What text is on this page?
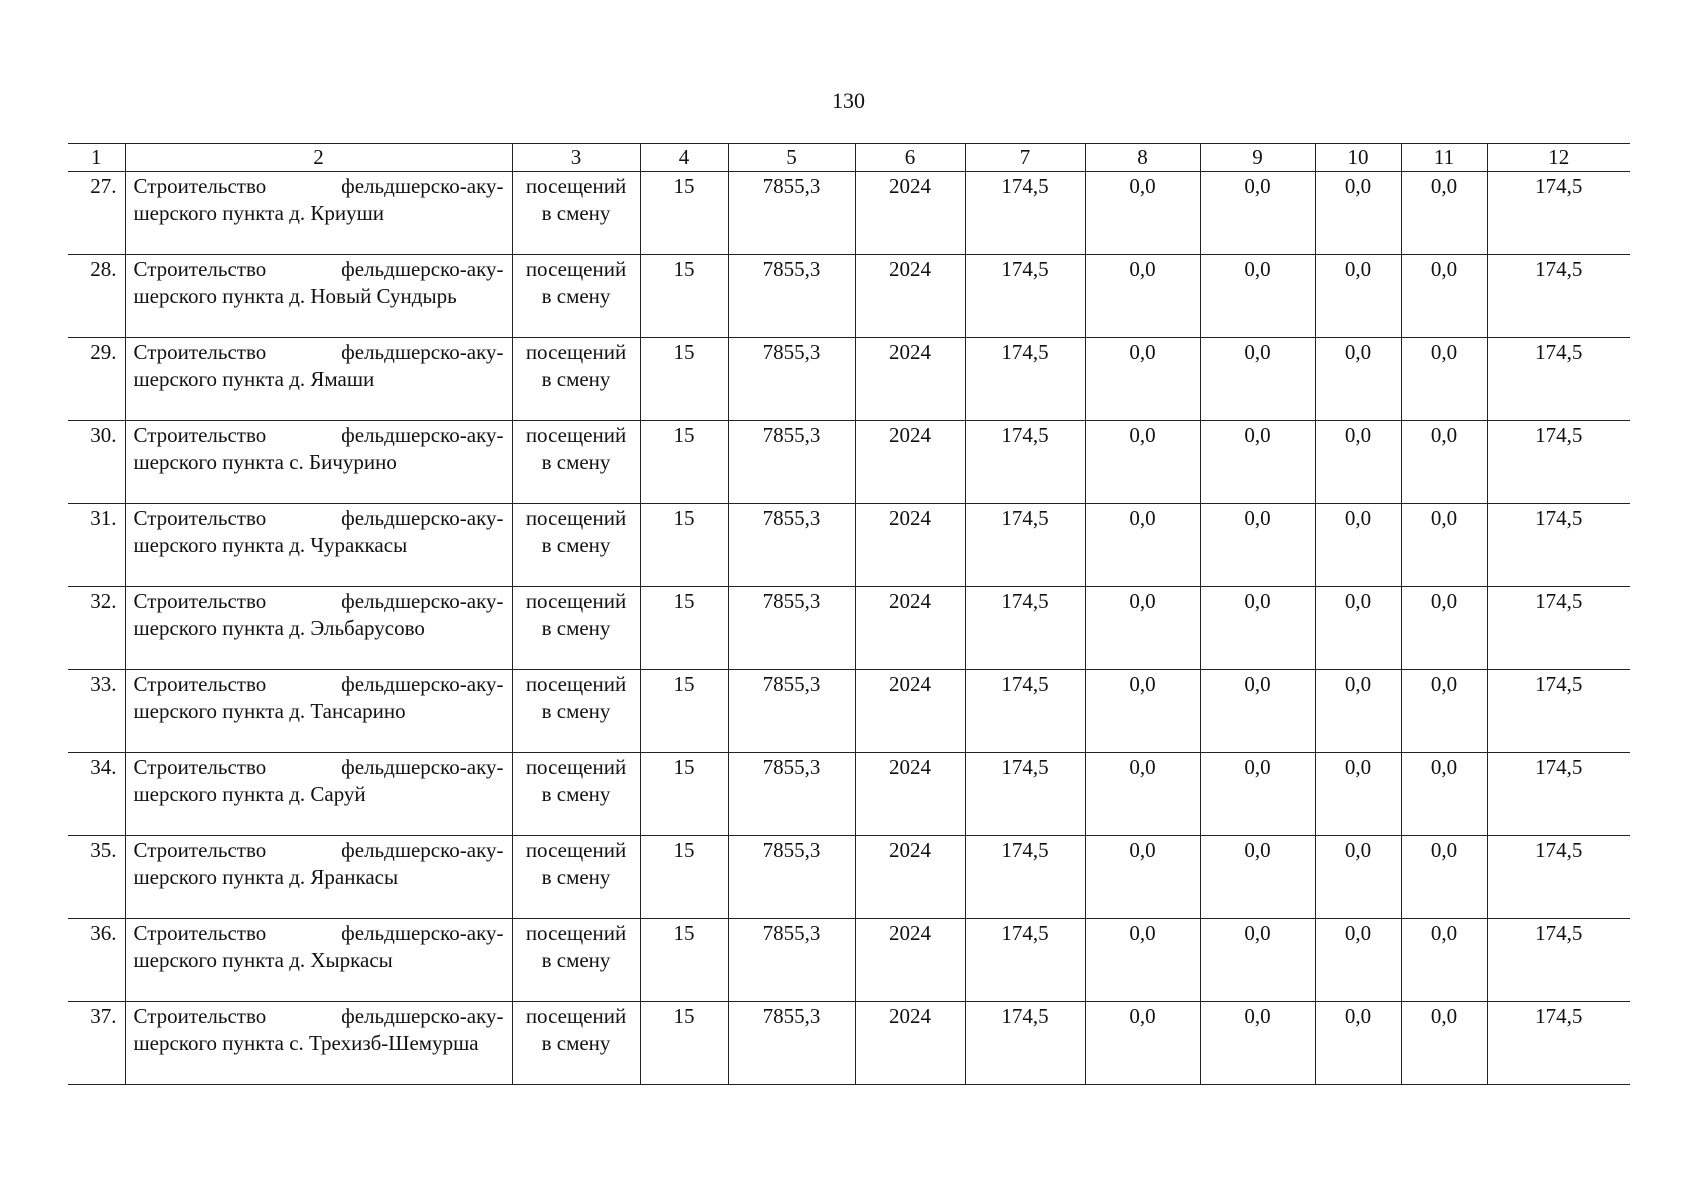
130
1	2	3	4	5	6	7	8	9	10	11	12
27.	Строительство фельдшерско-акушерского пункта д. Криуши	посещений в смену	15	7855,3	2024	174,5	0,0	0,0	0,0	0,0	174,5
28.	Строительство фельдшерско-акушерского пункта д. Новый Сундырь	посещений в смену	15	7855,3	2024	174,5	0,0	0,0	0,0	0,0	174,5
29.	Строительство фельдшерско-акушерского пункта д. Ямаши	посещений в смену	15	7855,3	2024	174,5	0,0	0,0	0,0	0,0	174,5
30.	Строительство фельдшерско-акушерского пункта с. Бичурино	посещений в смену	15	7855,3	2024	174,5	0,0	0,0	0,0	0,0	174,5
31.	Строительство фельдшерско-акушерского пункта д. Чураккасы	посещений в смену	15	7855,3	2024	174,5	0,0	0,0	0,0	0,0	174,5
32.	Строительство фельдшерско-акушерского пункта д. Эльбарусово	посещений в смену	15	7855,3	2024	174,5	0,0	0,0	0,0	0,0	174,5
33.	Строительство фельдшерско-акушерского пункта д. Тансарино	посещений в смену	15	7855,3	2024	174,5	0,0	0,0	0,0	0,0	174,5
34.	Строительство фельдшерско-акушерского пункта д. Саруй	посещений в смену	15	7855,3	2024	174,5	0,0	0,0	0,0	0,0	174,5
35.	Строительство фельдшерско-акушерского пункта д. Яранкасы	посещений в смену	15	7855,3	2024	174,5	0,0	0,0	0,0	0,0	174,5
36.	Строительство фельдшерско-акушерского пункта д. Хыркасы	посещений в смену	15	7855,3	2024	174,5	0,0	0,0	0,0	0,0	174,5
37.	Строительство фельдшерско-акушерского пункта с. Трехизб-Шемурша	посещений в смену	15	7855,3	2024	174,5	0,0	0,0	0,0	0,0	174,5
